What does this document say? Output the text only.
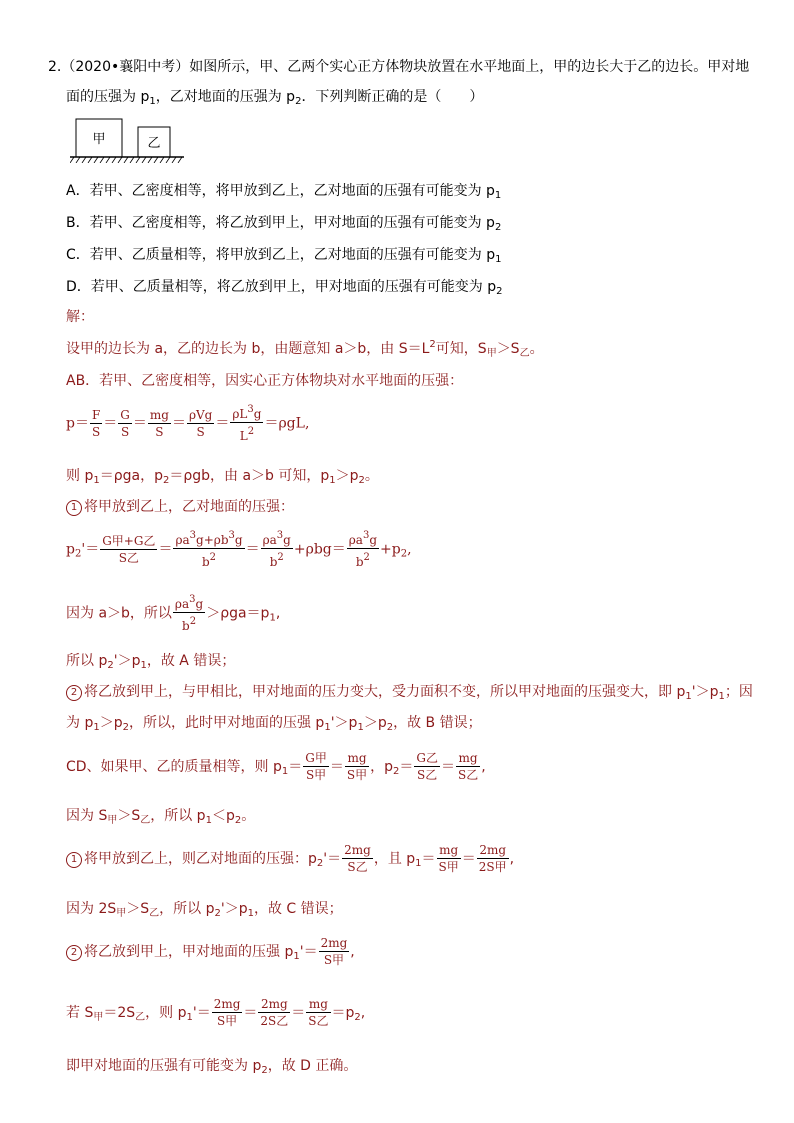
2.（2020•襄阳中考）如图所示，甲、乙两个实心正方体物块放置在水平地面上，甲的边长大于乙的边长。甲对地
面的压强为 $p_1$，乙对地面的压强为 $p_2$．下列判断正确的是（　　）
甲	乙
A．若甲、乙密度相等，将甲放到乙上，乙对地面的压强有可能变为 $p_1$
B．若甲、乙密度相等，将乙放到甲上，甲对地面的压强有可能变为 $p_2$
C．若甲、乙质量相等，将甲放到乙上，乙对地面的压强有可能变为 $p_1$
D．若甲、乙质量相等，将乙放到甲上，甲对地面的压强有可能变为 $p_2$
解：
设甲的边长为 a，乙的边长为 b，由题意知 a＞b，由 $S=L^2$可知，$S_甲>S_乙$。
AB．若甲、乙密度相等，因实心正方体物块对水平地面的压强：
$p= \frac{F}{S} = \frac{G}{S} = \frac{mg}{S} = \frac{\text{ρVg}}{S} = \frac{\rho L^3g}{L^2} =\rho gL$,
则 $p_1=\rho ga$，$p_2=\rho gb$，由 a＞b 可知，$p_1>p_2$。
1 将甲放到乙上，乙对地面的压强：
$p_2'= \frac{\text{G甲+G乙}}{\text{S乙}} = \frac{\rho a^3g+\rho b^3g}{b^2} = \frac{\rho a^3g}{b^2} +\rho bg= \frac{\rho a^3g}{b^2} +p_2$,
因为 a＞b，所以 $\frac{\rho a^3g}{b^2} >\rho ga=p_1$,
所以 $p_2'>p_1$，故 A 错误；
2 将乙放到甲上，与甲相比，甲对地面的压力变大，受力面积不变，所以甲对地面的压强变大，即 $p_1'>p_1$；因
为 $p_1>p_2$，所以，此时甲对地面的压强 $p_1'>p_1>p_2$，故 B 错误；
CD、如果甲、乙的质量相等，则 $p_1= \frac{\text{G甲}}{\text{S甲}} = \frac{mg}{\text{S甲}}$ ，$p_2= \frac{\text{G乙}}{\text{S乙}} = \frac{mg}{\text{S乙}}$ ,
因为 $S_甲>S_乙$，所以 $p_1<p_2$。
1 将甲放到乙上，则乙对地面的压强：$p_2'= \frac{2mg}{\text{S乙}}$ ，且 $p_1= \frac{mg}{\text{S甲}} = \frac{2mg}{\text{2S甲}}$ ,
因为 $2S_甲>S_乙$，所以 $p_2'>p_1$，故 C 错误；
2 将乙放到甲上，甲对地面的压强 $p_1'= \frac{2mg}{\text{S甲}}$ ,
若 $S_甲=2S_乙$，则 $p_1'= \frac{2mg}{\text{S甲}} = \frac{2mg}{\text{2S乙}} = \frac{mg}{\text{S乙}} =p_2$,
即甲对地面的压强有可能变为 $p_2$，故 D 正确。
